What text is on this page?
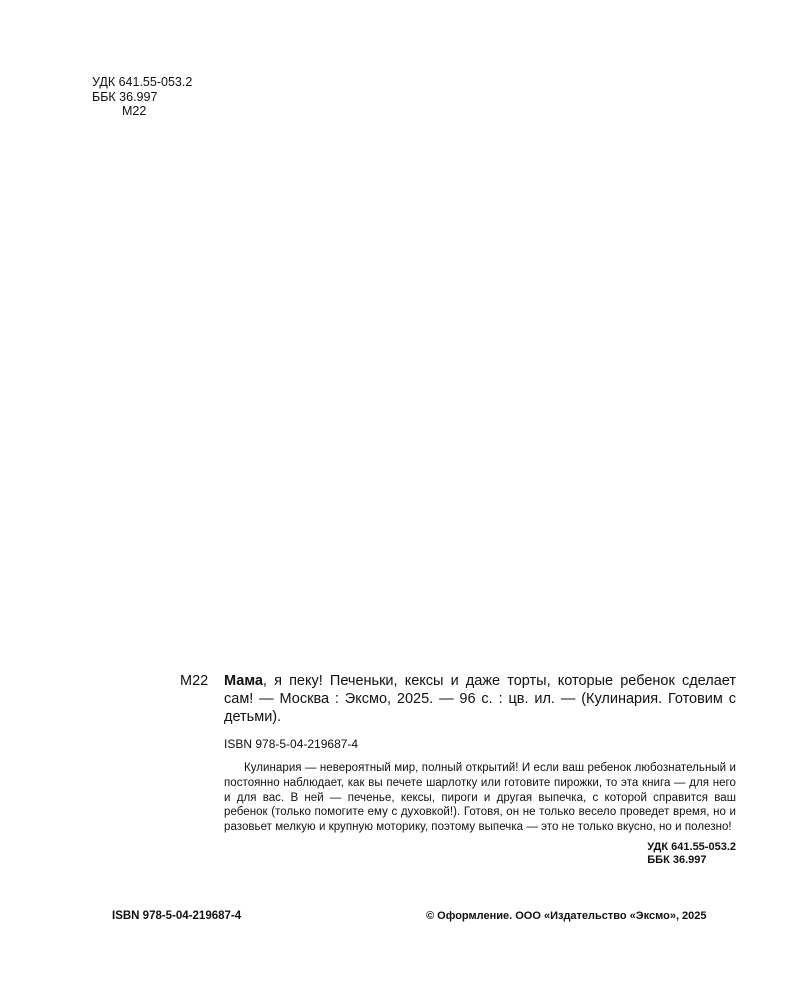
УДК 641.55-053.2
ББК 36.997
М22
М22 Мама, я пеку! Печеньки, кексы и даже торты, которые ребенок сделает сам! — Москва : Эксмо, 2025. — 96 с. : цв. ил. — (Кулинария. Готовим с детьми).

ISBN 978-5-04-219687-4
Кулинария — невероятный мир, полный открытий! И если ваш ребенок любознательный и постоянно наблюдает, как вы печете шарлотку или готовите пирожки, то эта книга — для него и для вас. В ней — печенье, кексы, пироги и другая выпечка, с которой справится ваш ребенок (только помогите ему с духовкой!). Готовя, он не только весело проведет время, но и разовьет мелкую и крупную моторику, поэтому выпечка — это не только вкусно, но и полезно!
УДК 641.55-053.2
ББК 36.997
ISBN 978-5-04-219687-4	© Оформление. ООО «Издательство «Эксмо», 2025
